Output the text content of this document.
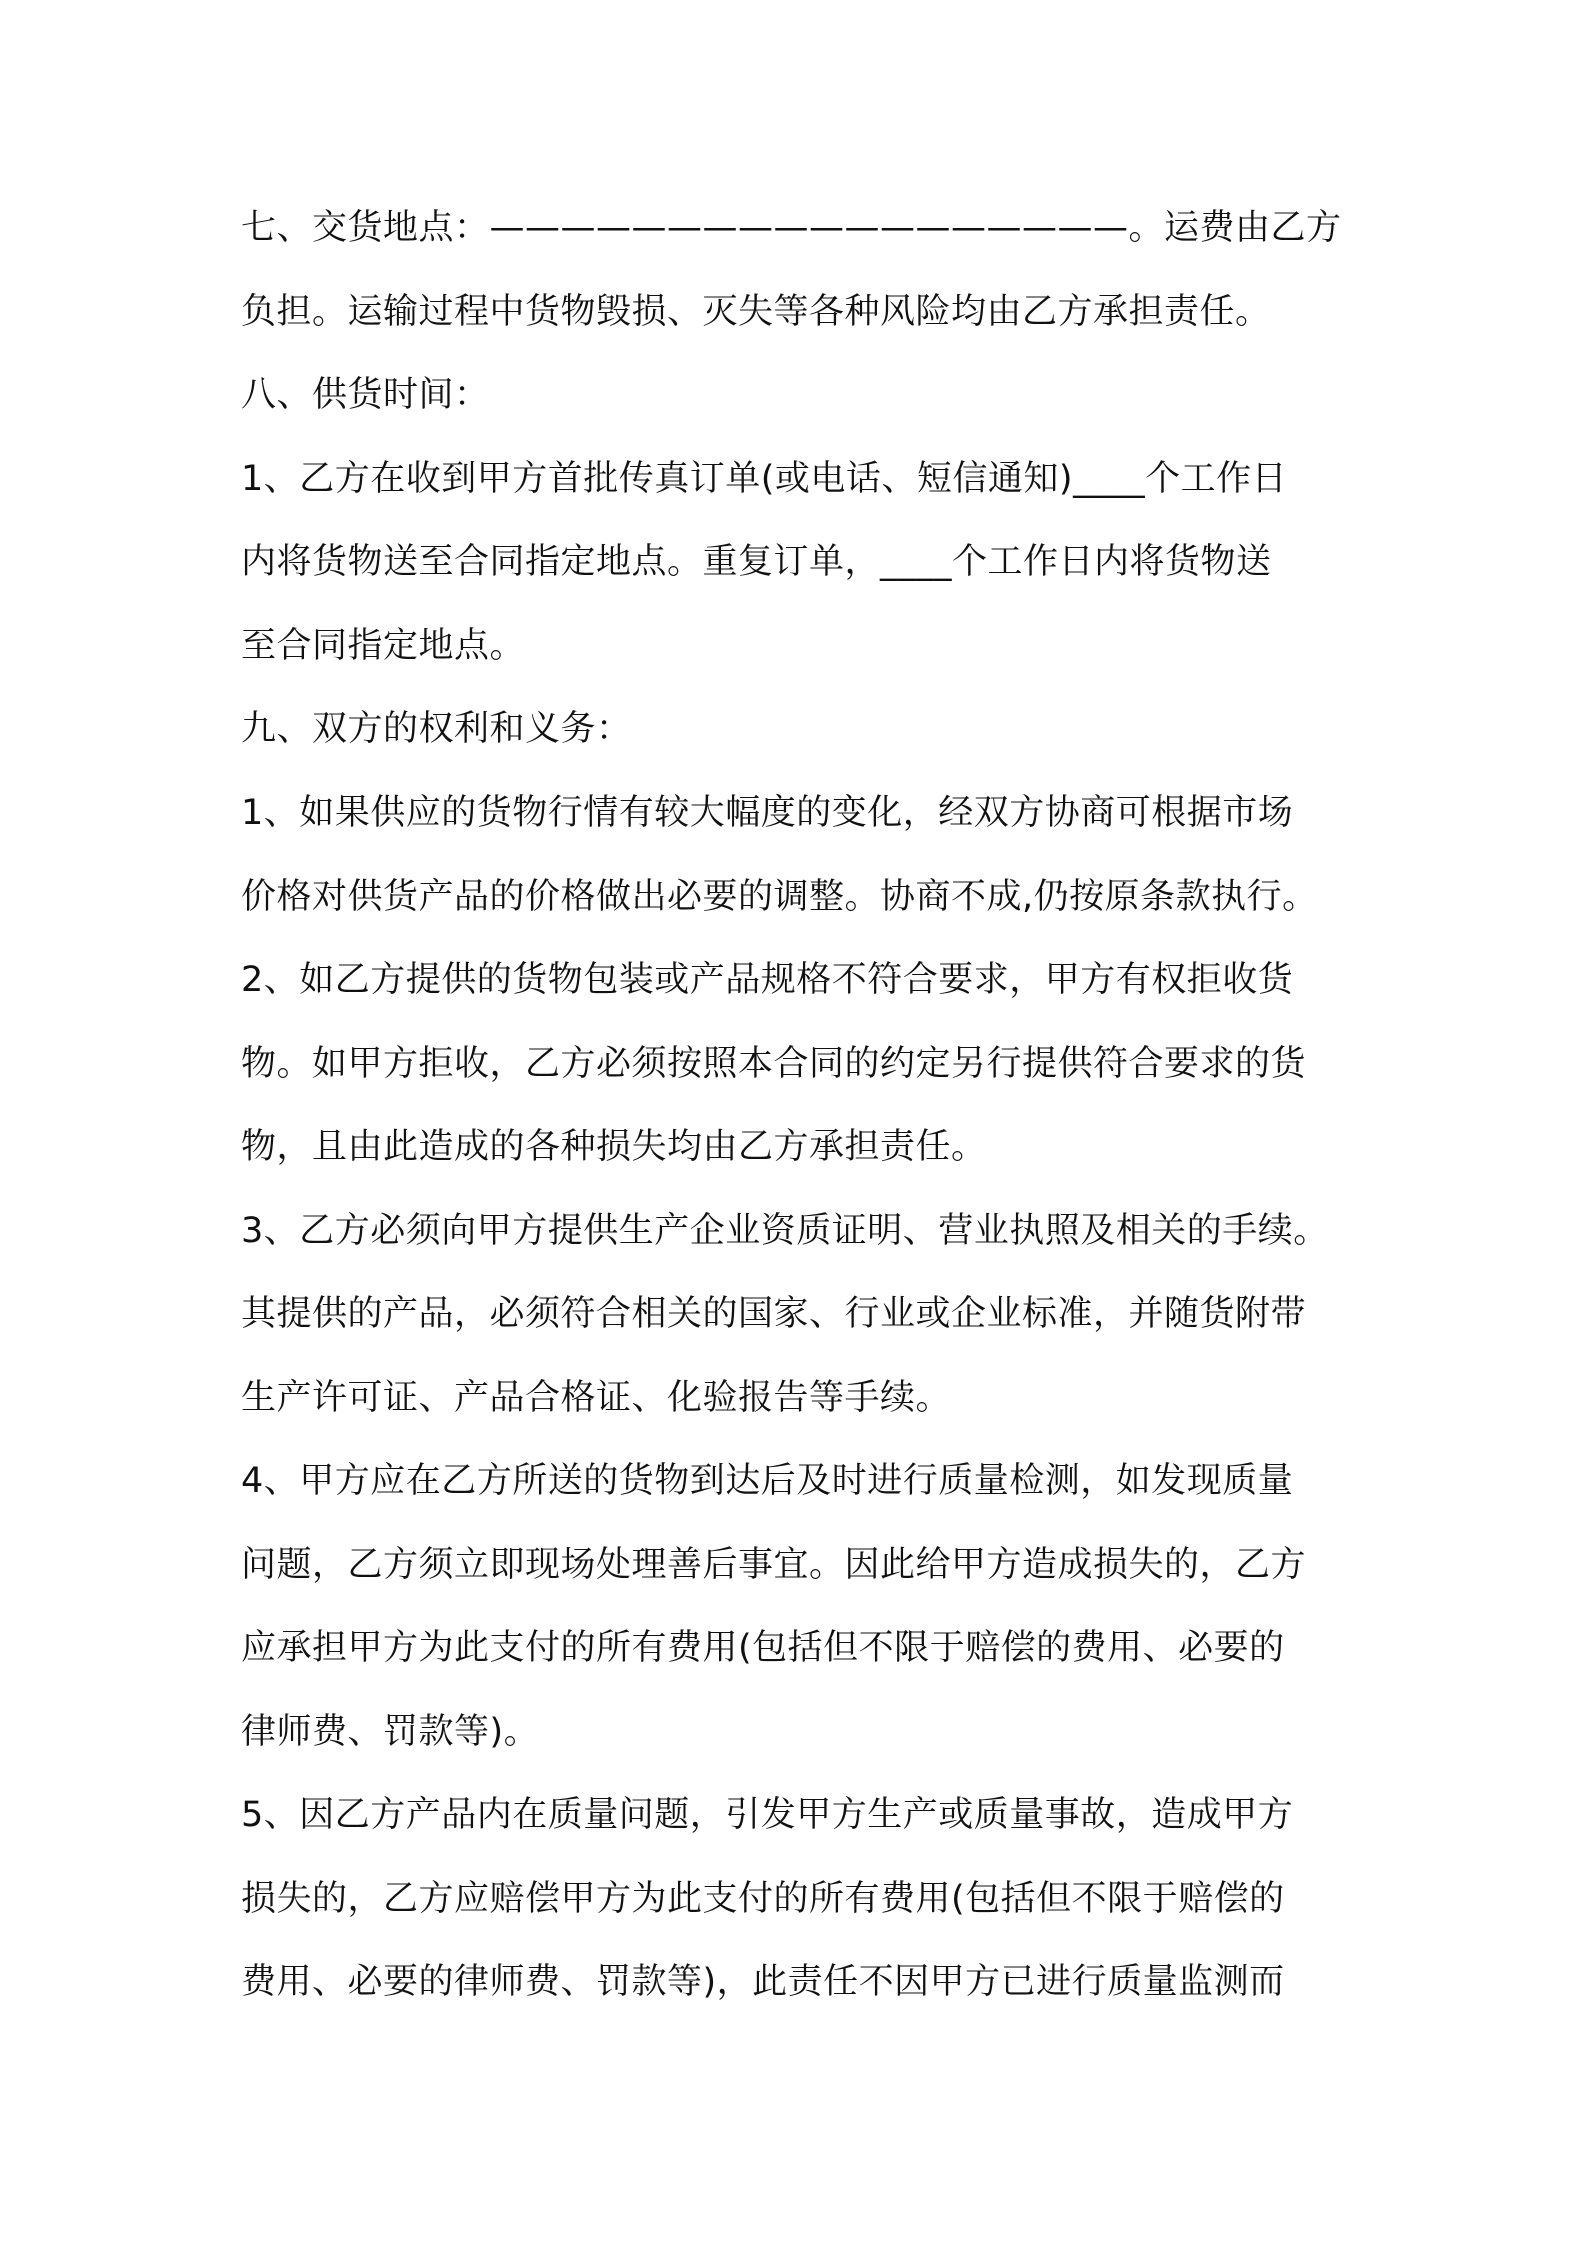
七、交货地点：——————————————————。运费由乙方
负担。运输过程中货物毁损、灭失等各种风险均由乙方承担责任。
八、供货时间：
1、乙方在收到甲方首批传真订单(或电话、短信通知)____个工作日
内将货物送至合同指定地点。重复订单，____个工作日内将货物送
至合同指定地点。
九、双方的权利和义务：
1、如果供应的货物行情有较大幅度的变化，经双方协商可根据市场
价格对供货产品的价格做出必要的调整。协商不成,仍按原条款执行。
2、如乙方提供的货物包装或产品规格不符合要求，甲方有权拒收货
物。如甲方拒收，乙方必须按照本合同的约定另行提供符合要求的货
物，且由此造成的各种损失均由乙方承担责任。
3、乙方必须向甲方提供生产企业资质证明、营业执照及相关的手续。
其提供的产品，必须符合相关的国家、行业或企业标准，并随货附带
生产许可证、产品合格证、化验报告等手续。
4、甲方应在乙方所送的货物到达后及时进行质量检测，如发现质量
问题，乙方须立即现场处理善后事宜。因此给甲方造成损失的，乙方
应承担甲方为此支付的所有费用(包括但不限于赔偿的费用、必要的
律师费、罚款等)。
5、因乙方产品内在质量问题，引发甲方生产或质量事故，造成甲方
损失的，乙方应赔偿甲方为此支付的所有费用(包括但不限于赔偿的
费用、必要的律师费、罚款等)，此责任不因甲方已进行质量监测而
